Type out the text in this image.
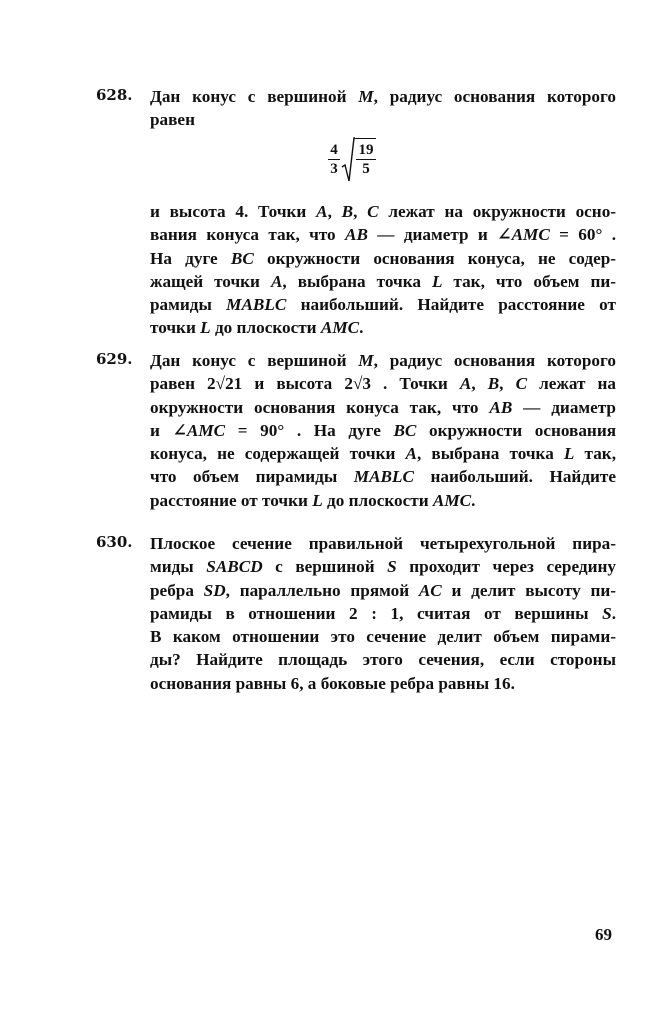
628. Дан конус с вершиной M, радиус основания которого
равен
4
3
19
5
и высота 4. Точки A, B, C лежат на окружности осно-
вания конуса так, что AB — диаметр и ∠AMC = 60° .
На дуге BC окружности основания конуса, не содер-
жащей точки A, выбрана точка L так, что объем пи-
рамиды MABLC наибольший. Найдите расстояние от
точки L до плоскости AMC.
629. Дан конус с вершиной M, радиус основания которого
равен 2√21 и высота 2√3 . Точки A, B, C лежат на
окружности основания конуса так, что AB — диаметр
и ∠AMC = 90° . На дуге BC окружности основания
конуса, не содержащей точки A, выбрана точка L так,
что объем пирамиды MABLC наибольший. Найдите
расстояние от точки L до плоскости AMC.
630. Плоское сечение правильной четырехугольной пира-
миды SABCD с вершиной S проходит через середину
ребра SD, параллельно прямой AC и делит высоту пи-
рамиды в отношении 2 : 1, считая от вершины S.
В каком отношении это сечение делит объем пирами-
ды? Найдите площадь этого сечения, если стороны
основания равны 6, а боковые ребра равны 16.
69
